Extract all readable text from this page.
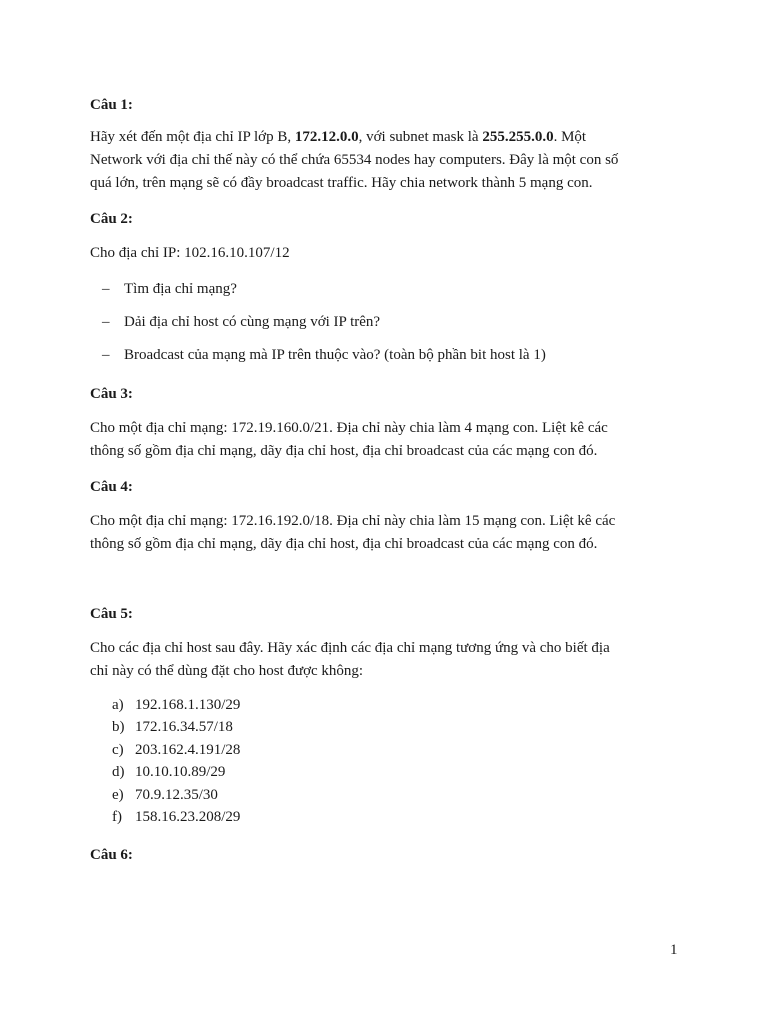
Câu 1:

Hãy xét đến một địa chỉ IP lớp B, 172.12.0.0, với subnet mask là 255.255.0.0. Một
Network với địa chỉ thế này có thể chứa 65534 nodes hay computers. Đây là một con số
quá lớn, trên mạng sẽ có đầy broadcast traffic. Hãy chia network thành 5 mạng con.

Câu 2:

Cho địa chỉ IP: 102.16.10.107/12

– Tìm địa chỉ mạng?
– Dải địa chỉ host có cùng mạng với IP trên?
– Broadcast của mạng mà IP trên thuộc vào? (toàn bộ phần bit host là 1)

Câu 3:

Cho một địa chỉ mạng: 172.19.160.0/21. Địa chỉ này chia làm 4 mạng con. Liệt kê các
thông số gồm địa chỉ mạng, dãy địa chỉ host, địa chỉ broadcast của các mạng con đó.

Câu 4:

Cho một địa chỉ mạng: 172.16.192.0/18. Địa chỉ này chia làm 15 mạng con. Liệt kê các
thông số gồm địa chỉ mạng, dãy địa chỉ host, địa chỉ broadcast của các mạng con đó.

Câu 5:

Cho các địa chỉ host sau đây. Hãy xác định các địa chỉ mạng tương ứng và cho biết địa
chỉ này có thể dùng đặt cho host được không:

a) 192.168.1.130/29
b) 172.16.34.57/18
c) 203.162.4.191/28
d) 10.10.10.89/29
e) 70.9.12.35/30
f) 158.16.23.208/29

Câu 6:

1
